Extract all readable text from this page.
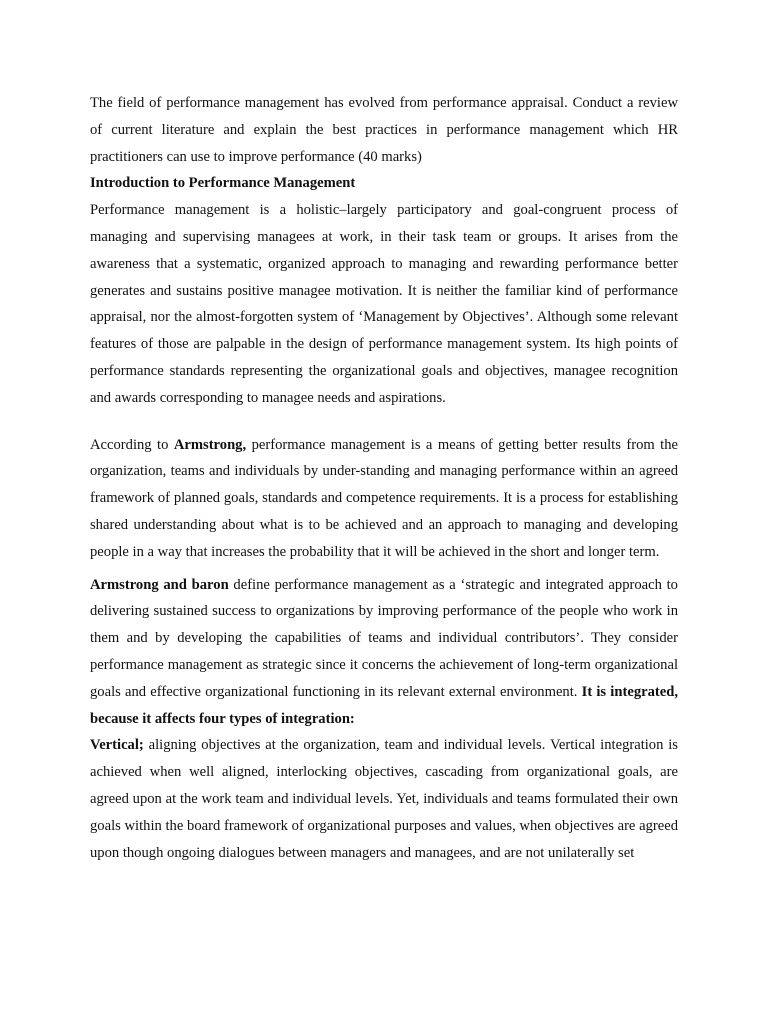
The field of performance management has evolved from performance appraisal. Conduct a review of current literature and explain the best practices in performance management which HR practitioners can use to improve performance (40 marks)

Introduction to Performance Management

Performance management is a holistic–largely participatory and goal-congruent process of managing and supervising managees at work, in their task team or groups. It arises from the awareness that a systematic, organized approach to managing and rewarding performance better generates and sustains positive managee motivation. It is neither the familiar kind of performance appraisal, nor the almost-forgotten system of ‘Management by Objectives’. Although some relevant features of those are palpable in the design of performance management system. Its high points of performance standards representing the organizational goals and objectives, managee recognition and awards corresponding to managee needs and aspirations.

According to Armstrong, performance management is a means of getting better results from the organization, teams and individuals by under-standing and managing performance within an agreed framework of planned goals, standards and competence requirements. It is a process for establishing shared understanding about what is to be achieved and an approach to managing and developing people in a way that increases the probability that it will be achieved in the short and longer term.

Armstrong and baron define performance management as a ‘strategic and integrated approach to delivering sustained success to organizations by improving performance of the people who work in them and by developing the capabilities of teams and individual contributors’. They consider performance management as strategic since it concerns the achievement of long-term organizational goals and effective organizational functioning in its relevant external environment. It is integrated, because it affects four types of integration:

Vertical; aligning objectives at the organization, team and individual levels. Vertical integration is achieved when well aligned, interlocking objectives, cascading from organizational goals, are agreed upon at the work team and individual levels. Yet, individuals and teams formulated their own goals within the board framework of organizational purposes and values, when objectives are agreed upon though ongoing dialogues between managers and managees, and are not unilaterally set
